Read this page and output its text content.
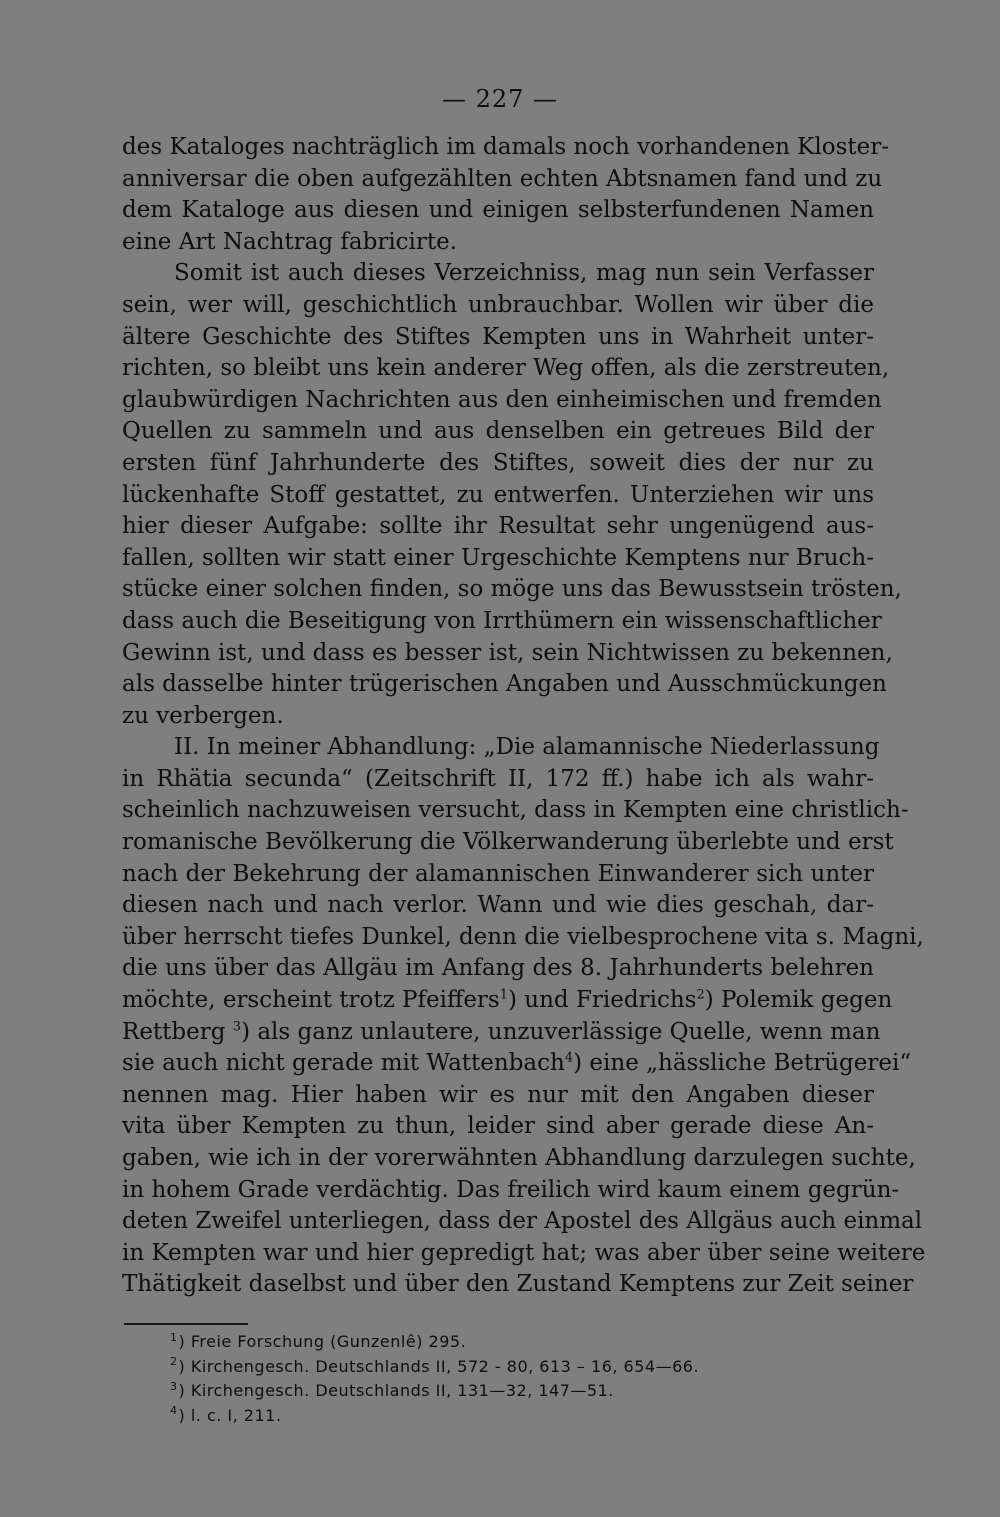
— 227 —
des Kataloges nachträglich im damals noch vorhandenen Kloster-
anniversar die oben aufgezählten echten Abtsnamen fand und zu
dem Kataloge aus diesen und einigen selbsterfundenen Namen
eine Art Nachtrag fabricirte.
Somit ist auch dieses Verzeichniss, mag nun sein Verfasser
sein, wer will, geschichtlich unbrauchbar. Wollen wir über die
ältere Geschichte des Stiftes Kempten uns in Wahrheit unter-
richten, so bleibt uns kein anderer Weg offen, als die zerstreuten,
glaubwürdigen Nachrichten aus den einheimischen und fremden
Quellen zu sammeln und aus denselben ein getreues Bild der
ersten fünf Jahrhunderte des Stiftes, soweit dies der nur zu
lückenhafte Stoff gestattet, zu entwerfen. Unterziehen wir uns
hier dieser Aufgabe: sollte ihr Resultat sehr ungenügend aus-
fallen, sollten wir statt einer Urgeschichte Kemptens nur Bruch-
stücke einer solchen finden, so möge uns das Bewusstsein trösten,
dass auch die Beseitigung von Irrthümern ein wissenschaftlicher
Gewinn ist, und dass es besser ist, sein Nichtwissen zu bekennen,
als dasselbe hinter trügerischen Angaben und Ausschmückungen
zu verbergen.
II. In meiner Abhandlung: „Die alamannische Niederlassung
in Rhätia secunda“ (Zeitschrift II, 172 ff.) habe ich als wahr-
scheinlich nachzuweisen versucht, dass in Kempten eine christlich-
romanische Bevölkerung die Völkerwanderung überlebte und erst
nach der Bekehrung der alamannischen Einwanderer sich unter
diesen nach und nach verlor. Wann und wie dies geschah, dar-
über herrscht tiefes Dunkel, denn die vielbesprochene vita s. Magni,
die uns über das Allgäu im Anfang des 8. Jahrhunderts belehren
möchte, erscheint trotz Pfeiffers$^1$) und Friedrichs$^2$) Polemik gegen
Rettberg $^3$) als ganz unlautere, unzuverlässige Quelle, wenn man
sie auch nicht gerade mit Wattenbach$^4$) eine „hässliche Betrügerei“
nennen mag. Hier haben wir es nur mit den Angaben dieser
vita über Kempten zu thun, leider sind aber gerade diese An-
gaben, wie ich in der vorerwähnten Abhandlung darzulegen suchte,
in hohem Grade verdächtig. Das freilich wird kaum einem gegrün-
deten Zweifel unterliegen, dass der Apostel des Allgäus auch einmal
in Kempten war und hier gepredigt hat; was aber über seine weitere
Thätigkeit daselbst und über den Zustand Kemptens zur Zeit seiner
$^1$) Freie Forschung (Gunzenlê) 295.
$^2$) Kirchengesch. Deutschlands II, 572 - 80, 613 – 16, 654—66.
$^3$) Kirchengesch. Deutschlands II, 131—32, 147—51.
$^4$) l. c. I, 211.
